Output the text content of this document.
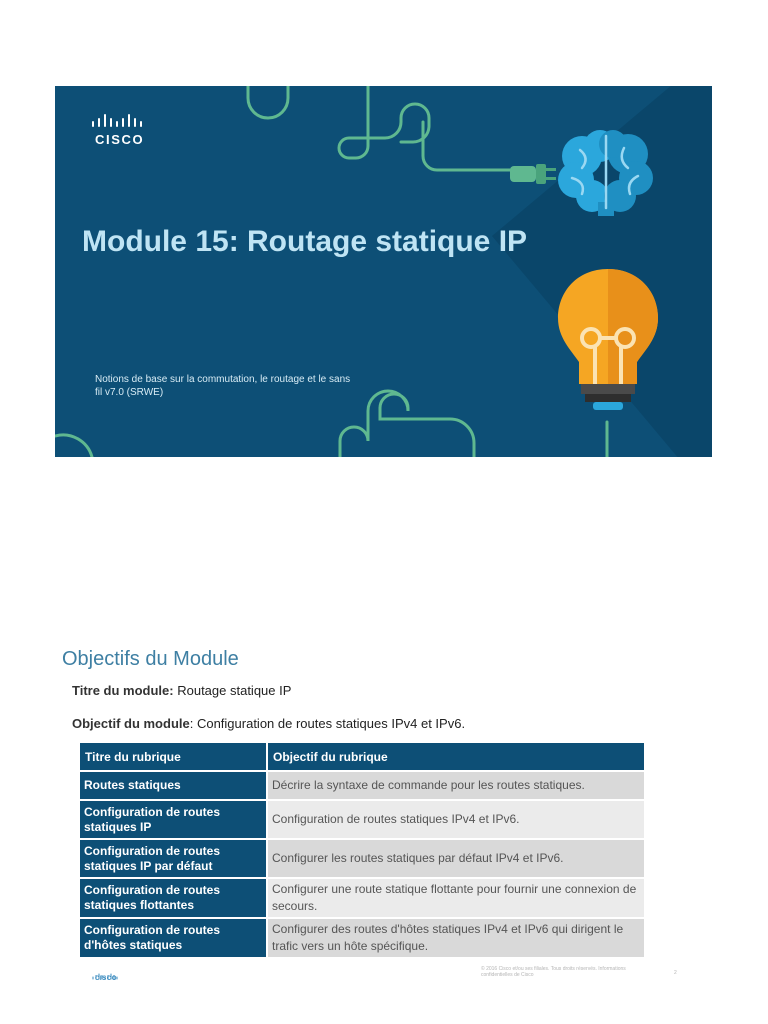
CISCO
Module 15: Routage statique IP
Notions de base sur la commutation, le routage et le sans fil v7.0 (SRWE)
Objectifs du Module
Titre du module: Routage statique IP
Objectif du module: Configuration de routes statiques IPv4 et IPv6.
Titre du rubrique	Objectif du rubrique
Routes statiques	Décrire la syntaxe de commande pour les routes statiques.
Configuration de routes statiques IP	Configuration de routes statiques IPv4 et IPv6.
Configuration de routes statiques IP par défaut	Configurer les routes statiques par défaut IPv4 et IPv6.
Configuration de routes statiques flottantes	Configurer une route statique flottante pour fournir une connexion de secours.
Configuration de routes d'hôtes statiques	Configurer des routes d'hôtes statiques IPv4 et IPv6 qui dirigent le trafic vers un hôte spécifique.
CISCO
© 2016 Cisco et/ou ses filiales. Tous droits réservés. Informations confidentielles de Cisco	2
